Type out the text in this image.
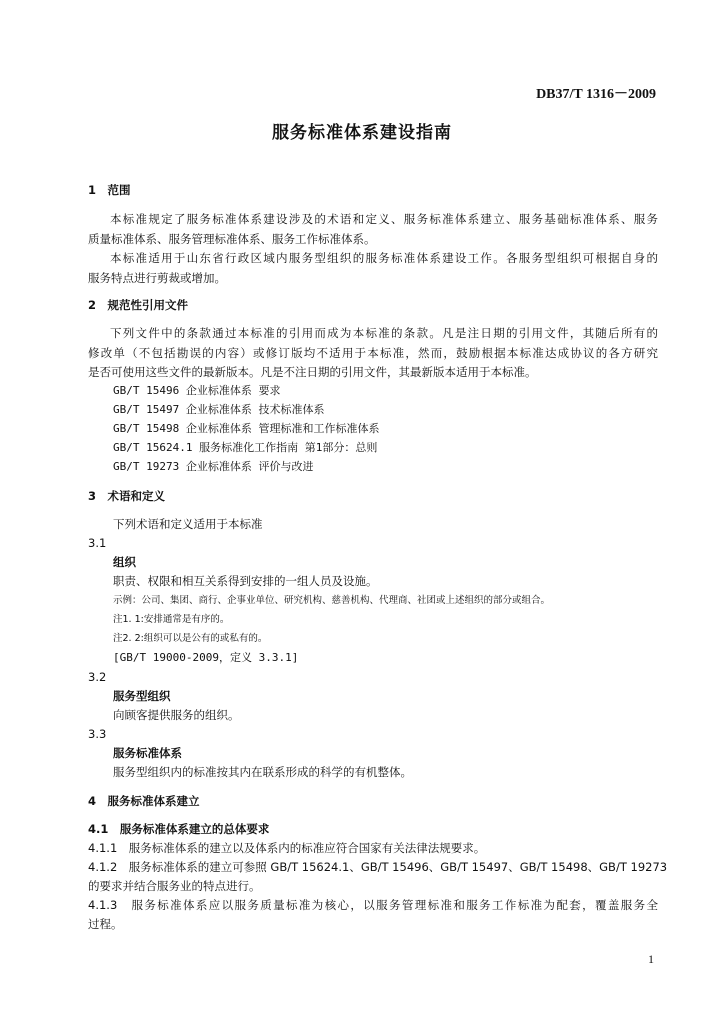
DB37/T 1316－2009
服务标准体系建设指南
1　范围
本标准规定了服务标准体系建设涉及的术语和定义、服务标准体系建立、服务基础标准体系、服务
质量标准体系、服务管理标准体系、服务工作标准体系。
本标准适用于山东省行政区域内服务型组织的服务标准体系建设工作。各服务型组织可根据自身的
服务特点进行剪裁或增加。
2　规范性引用文件
下列文件中的条款通过本标准的引用而成为本标准的条款。凡是注日期的引用文件，其随后所有的
修改单（不包括勘误的内容）或修订版均不适用于本标准，然而，鼓励根据本标准达成协议的各方研究
是否可使用这些文件的最新版本。凡是不注日期的引用文件，其最新版本适用于本标准。
GB/T 15496 企业标准体系 要求
GB/T 15497 企业标准体系 技术标准体系
GB/T 15498 企业标准体系 管理标准和工作标准体系
GB/T 15624.1 服务标准化工作指南 第1部分：总则
GB/T 19273 企业标准体系 评价与改进
3　术语和定义
下列术语和定义适用于本标准
3.1
组织
职责、权限和相互关系得到安排的一组人员及设施。
示例：公司、集团、商行、企事业单位、研究机构、慈善机构、代理商、社团或上述组织的部分或组合。
注1. 1:安排通常是有序的。
注2. 2:组织可以是公有的或私有的。
[GB/T 19000-2009，定义 3.3.1]
3.2
服务型组织
向顾客提供服务的组织。
3.3
服务标准体系
服务型组织内的标准按其内在联系形成的科学的有机整体。
4　服务标准体系建立
4.1　服务标准体系建立的总体要求
4.1.1　服务标准体系的建立以及体系内的标准应符合国家有关法律法规要求。
4.1.2　服务标准体系的建立可参照 GB/T 15624.1、GB/T 15496、GB/T 15497、GB/T 15498、GB/T 19273
的要求并结合服务业的特点进行。
4.1.3　服务标准体系应以服务质量标准为核心，以服务管理标准和服务工作标准为配套，覆盖服务全
过程。
1
